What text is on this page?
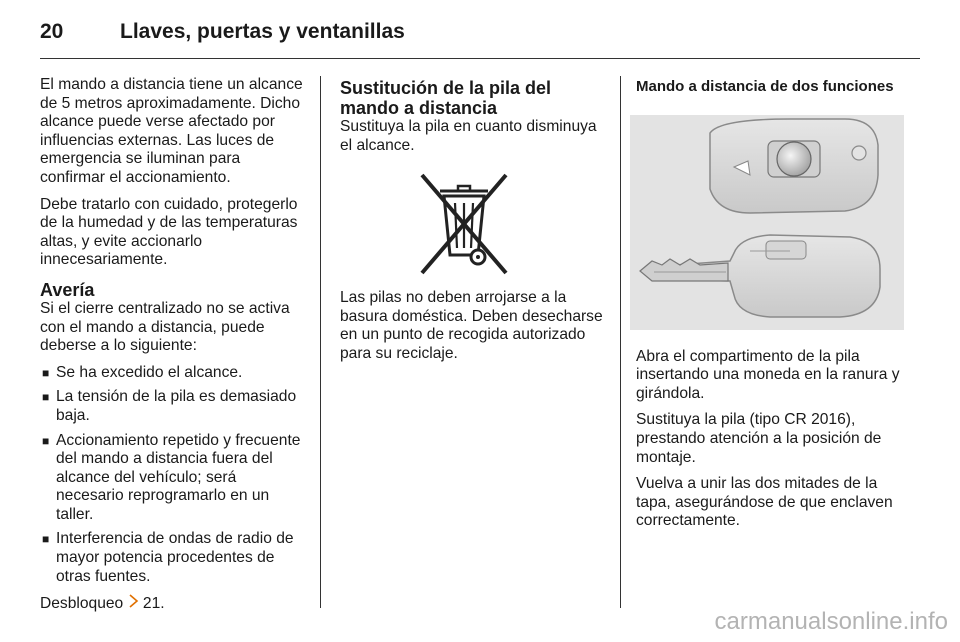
20	Llaves, puertas y ventanillas

El mando a distancia tiene un alcance de 5 metros aproximadamente. Dicho alcance puede verse afectado por influencias externas. Las luces de emergencia se iluminan para confirmar el accionamiento.

Debe tratarlo con cuidado, protegerlo de la humedad y de las temperaturas altas, y evite accionarlo innecesariamente.

Avería

Si el cierre centralizado no se activa con el mando a distancia, puede deberse a lo siguiente:

■ Se ha excedido el alcance.
■ La tensión de la pila es demasiado baja.
■ Accionamiento repetido y frecuente del mando a distancia fuera del alcance del vehículo; será necesario reprogramarlo en un taller.
■ Interferencia de ondas de radio de mayor potencia procedentes de otras fuentes.

Desbloqueo 21.

Sustitución de la pila del mando a distancia

Sustituya la pila en cuanto disminuya el alcance.

Las pilas no deben arrojarse a la basura doméstica. Deben desecharse en un punto de recogida autorizado para su reciclaje.

Mando a distancia de dos funciones

Abra el compartimento de la pila insertando una moneda en la ranura y girándola.

Sustituya la pila (tipo CR 2016), prestando atención a la posición de montaje.

Vuelva a unir las dos mitades de la tapa, asegurándose de que enclaven correctamente.

carmanualsonline.info
